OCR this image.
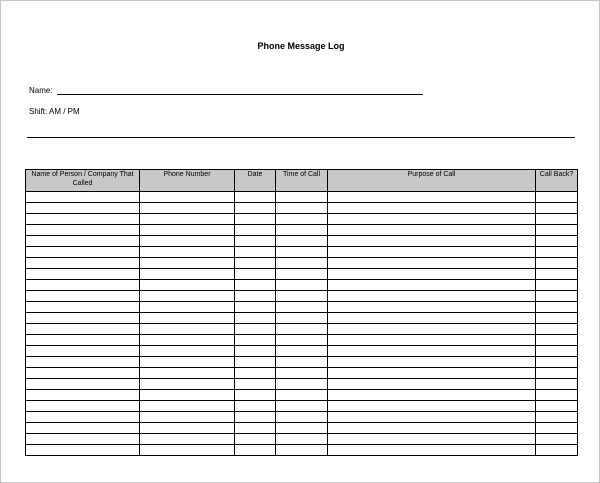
Phone Message Log
Name:
Shift: AM / PM
Name of Person / Company That Called	Phone Number	Date	Time of Call	Purpose of Call	Call Back?
